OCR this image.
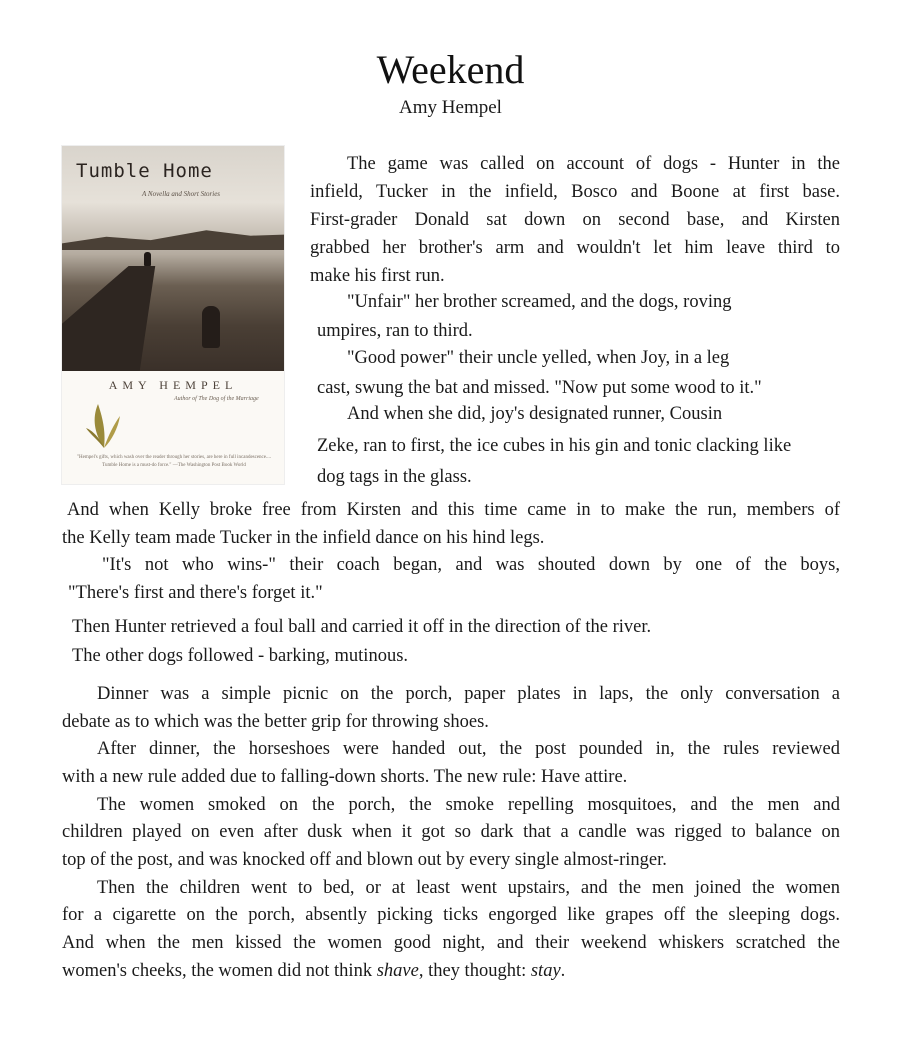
Weekend
Amy Hempel
Tumble Home
A Novella and Short Stories
AMY HEMPEL
Author of The Dog of the Marriage
"Hempel's gifts, which wash over the reader through her stories, are here in full incandescence.... Tumble Home is a must-do force." —The Washington Post Book World
The game was called on account of dogs - Hunter in the
infield, Tucker in the infield, Bosco and Boone at first base.
First-grader Donald sat down on second base, and Kirsten
grabbed her brother's arm and wouldn't let him leave third to
make his first run.
"Unfair" her brother screamed, and the dogs, roving
umpires, ran to third.
"Good power" their uncle yelled, when Joy, in a leg
cast, swung the bat and missed. "Now put some wood to it."
And when she did, joy's designated runner, Cousin
Zeke, ran to first, the ice cubes in his gin and tonic clacking like
dog tags in the glass.
And when Kelly broke free from Kirsten and this time came in to make the run, members of
the Kelly team made Tucker in the infield dance on his hind legs.
"It's not who wins-" their coach began, and was shouted down by one of the boys,
"There's first and there's forget it."
Then Hunter retrieved a foul ball and carried it off in the direction of the river.
The other dogs followed - barking, mutinous.
Dinner was a simple picnic on the porch, paper plates in laps, the only conversation a
debate as to which was the better grip for throwing shoes.
After dinner, the horseshoes were handed out, the post pounded in, the rules reviewed
with a new rule added due to falling-down shorts. The new rule: Have attire.
The women smoked on the porch, the smoke repelling mosquitoes, and the men and
children played on even after dusk when it got so dark that a candle was rigged to balance on
top of the post, and was knocked off and blown out by every single almost-ringer.
Then the children went to bed, or at least went upstairs, and the men joined the women
for a cigarette on the porch, absently picking ticks engorged like grapes off the sleeping dogs.
And when the men kissed the women good night, and their weekend whiskers scratched the
women's cheeks, the women did not think shave, they thought: stay.
